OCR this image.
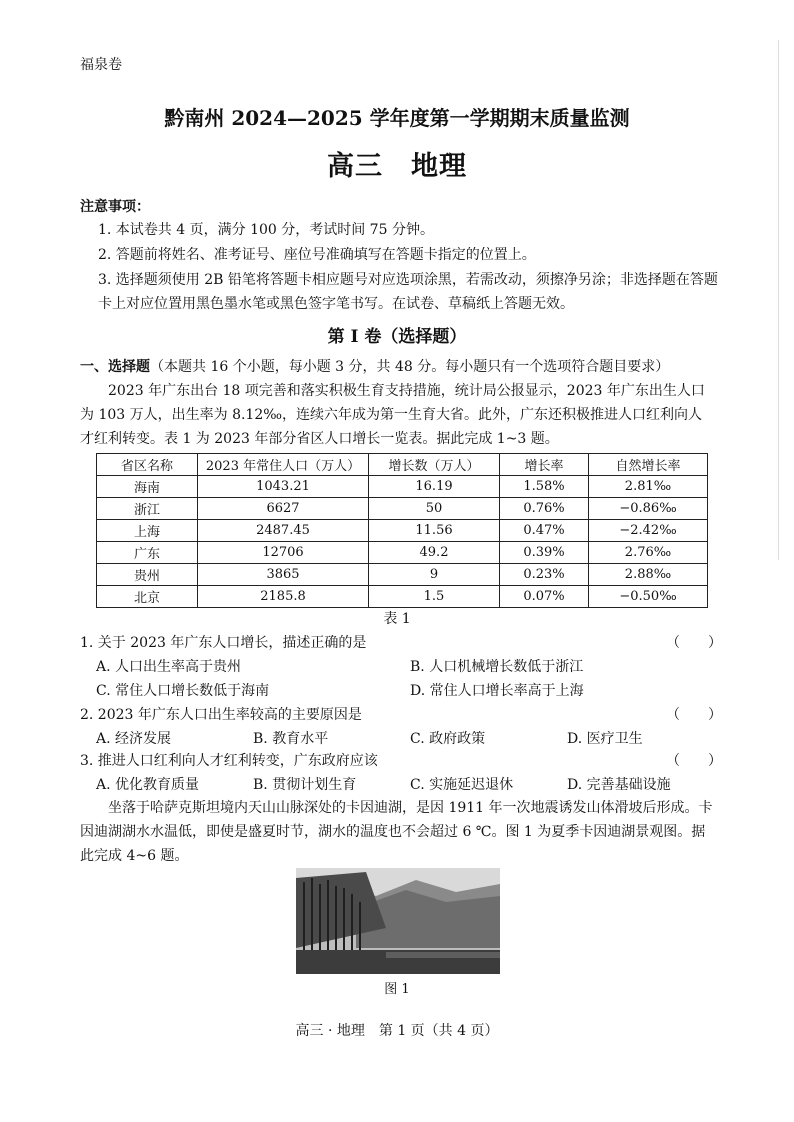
福泉卷
黔南州 2024—2025 学年度第一学期期末质量监测
高三　地理
注意事项：
1. 本试卷共 4 页，满分 100 分，考试时间 75 分钟。
2. 答题前将姓名、准考证号、座位号准确填写在答题卡指定的位置上。
3. 选择题须使用 2B 铅笔将答题卡相应题号对应选项涂黑，若需改动，须擦净另涂；非选择题在答题卡上对应位置用黑色墨水笔或黑色签字笔书写。在试卷、草稿纸上答题无效。
第 Ⅰ 卷（选择题）
一、选择题（本题共 16 个小题，每小题 3 分，共 48 分。每小题只有一个选项符合题目要求）
2023 年广东出台 18 项完善和落实积极生育支持措施，统计局公报显示，2023 年广东出生人口为 103 万人，出生率为 8.12‰，连续六年成为第一生育大省。此外，广东还积极推进人口红利向人才红利转变。表 1 为 2023 年部分省区人口增长一览表。据此完成 1~3 题。
省区名称	2023 年常住人口（万人）	增长数（万人）	增长率	自然增长率
海南	1043.21	16.19	1.58%	2.81‰
浙江	6627	50	0.76%	−0.86‰
上海	2487.45	11.56	0.47%	−2.42‰
广东	12706	49.2	0.39%	2.76‰
贵州	3865	9	0.23%	2.88‰
北京	2185.8	1.5	0.07%	−0.50‰
表 1
1. 关于 2023 年广东人口增长，描述正确的是	（　　）
A. 人口出生率高于贵州	B. 人口机械增长数低于浙江
C. 常住人口增长数低于海南	D. 常住人口增长率高于上海
2. 2023 年广东人口出生率较高的主要原因是	（　　）
A. 经济发展	B. 教育水平	C. 政府政策	D. 医疗卫生
3. 推进人口红利向人才红利转变，广东政府应该	（　　）
A. 优化教育质量	B. 贯彻计划生育	C. 实施延迟退休	D. 完善基础设施
坐落于哈萨克斯坦境内天山山脉深处的卡因迪湖，是因 1911 年一次地震诱发山体滑坡后形成。卡因迪湖湖水水温低，即使是盛夏时节，湖水的温度也不会超过 6 ℃。图 1 为夏季卡因迪湖景观图。据此完成 4~6 题。
图 1
高三 · 地理　第 1 页（共 4 页）
